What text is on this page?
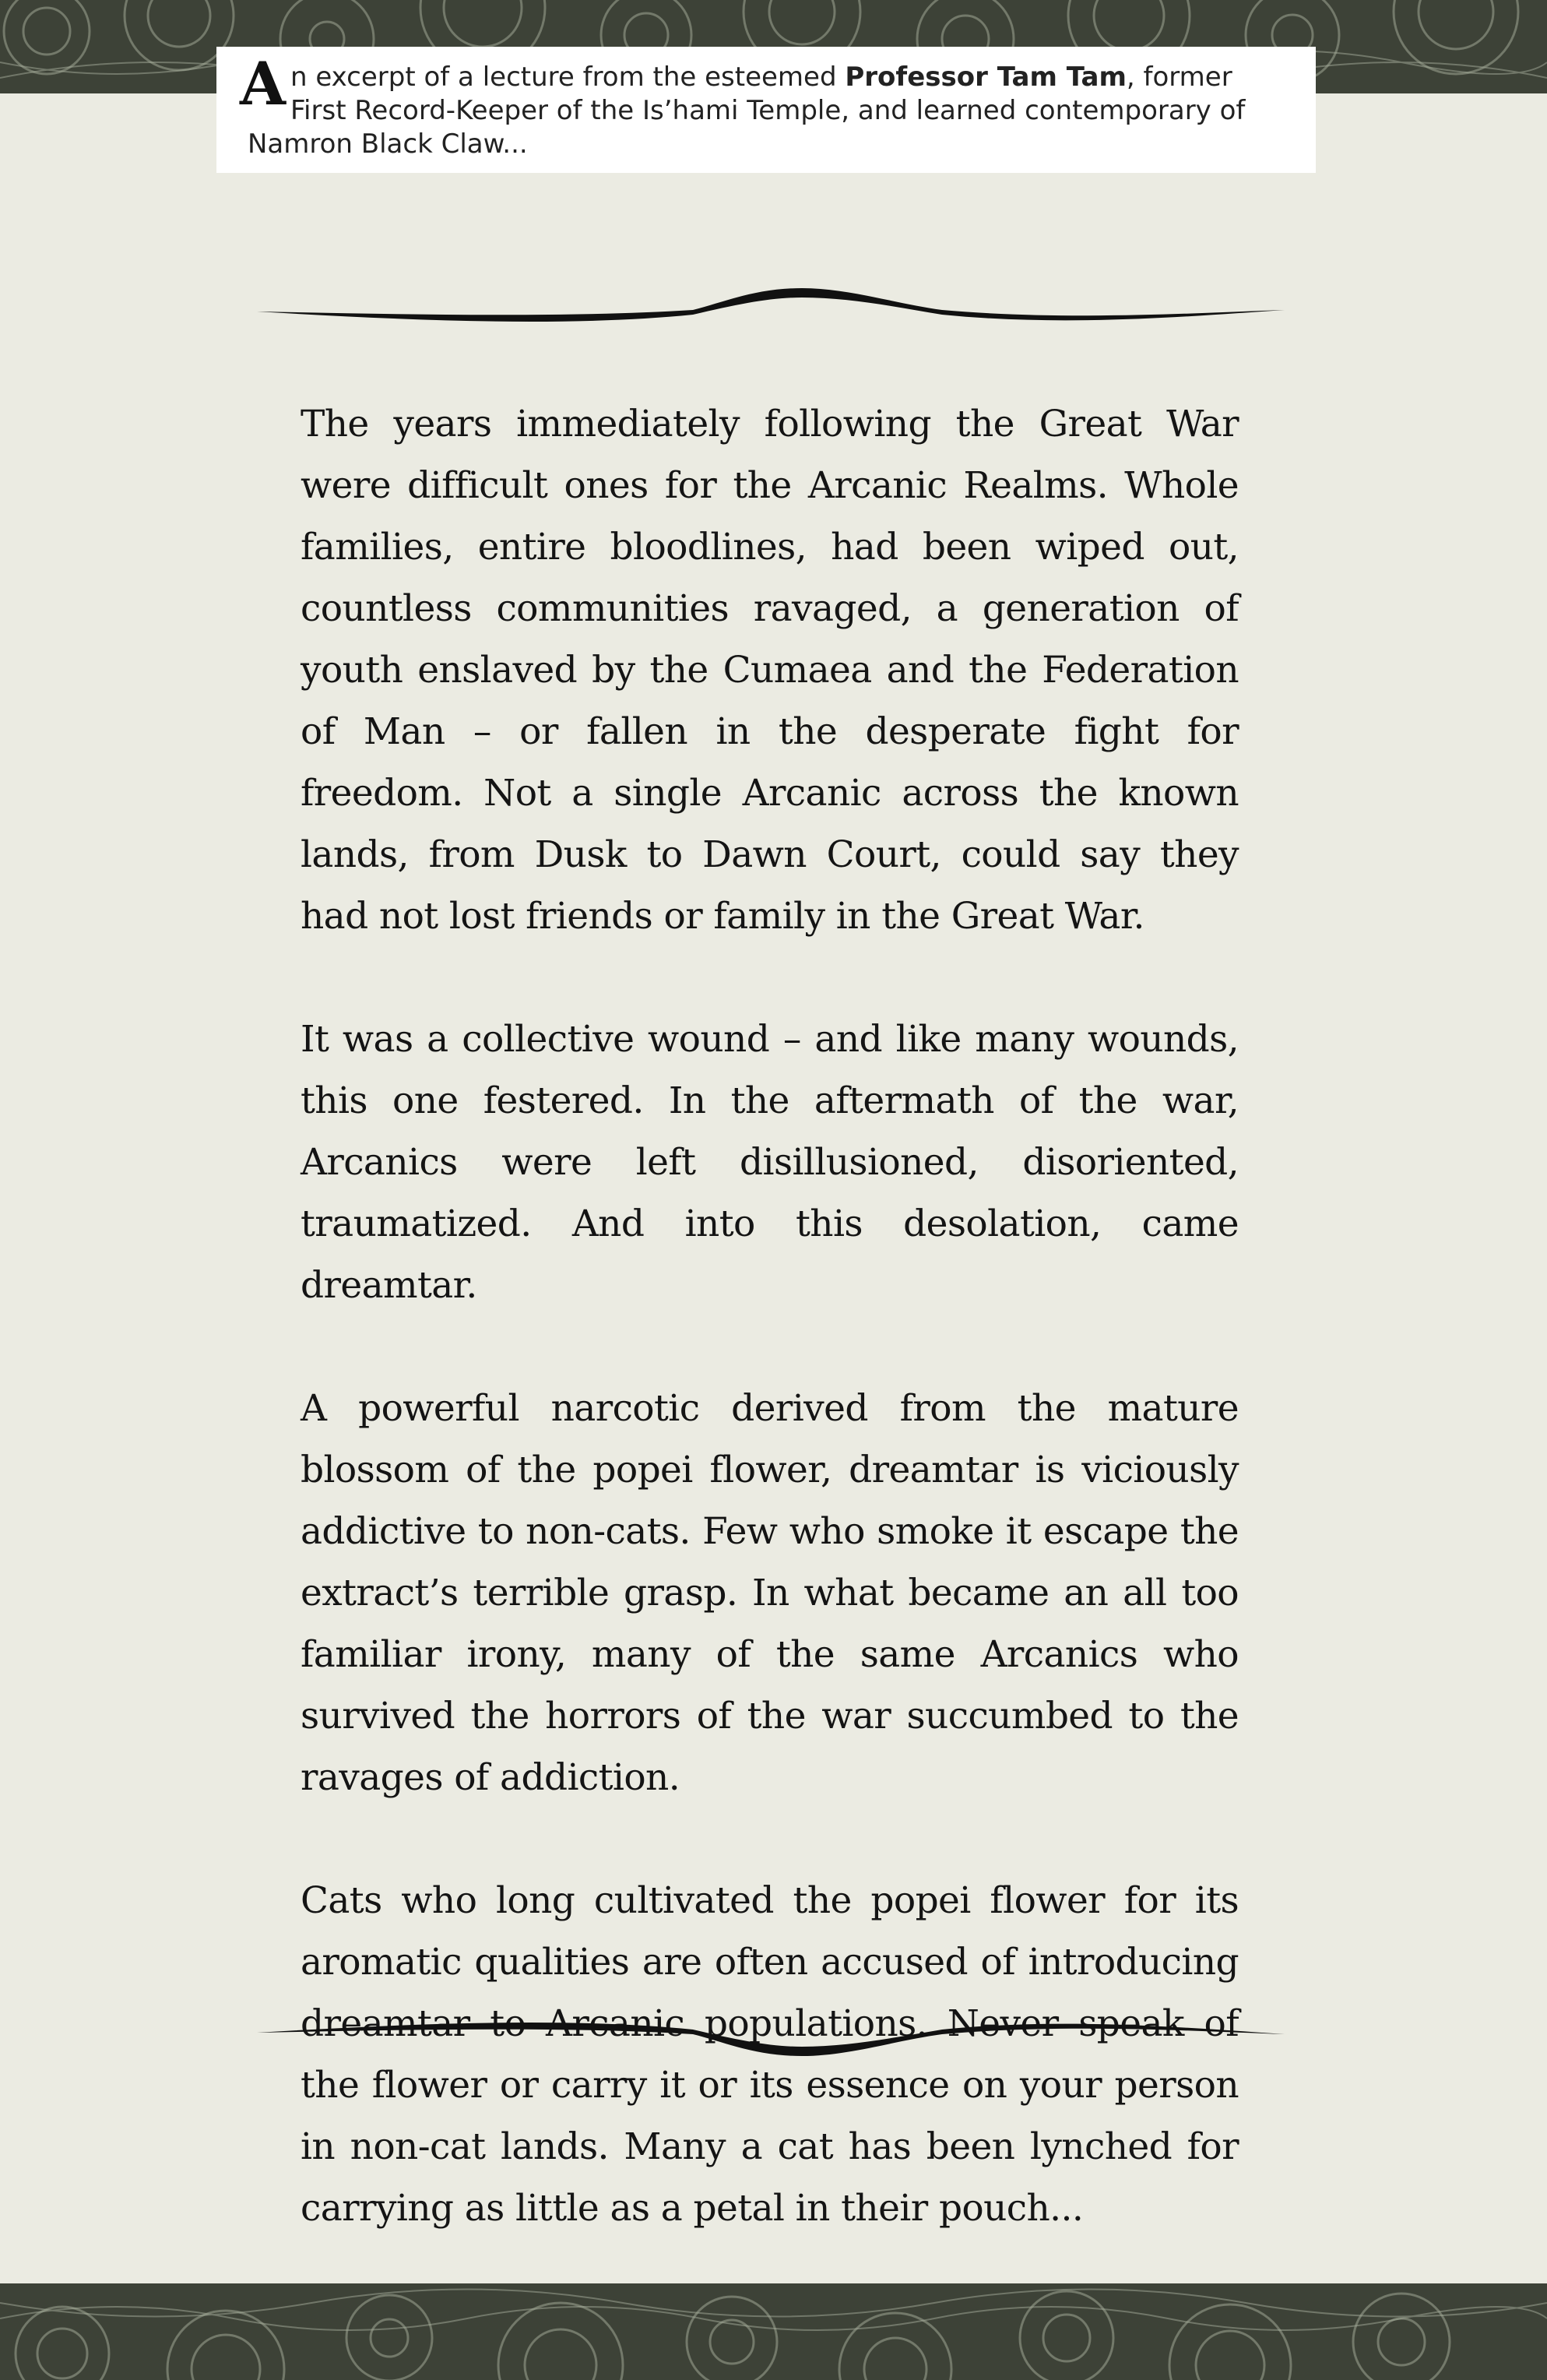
An excerpt of a lecture from the esteemed Professor Tam Tam, former First Record-Keeper of the Is’hami Temple, and learned contemporary of Namron Black Claw...

The years immediately following the Great War were difficult ones for the Arcanic Realms. Whole families, entire bloodlines, had been wiped out, countless communities ravaged, a generation of youth enslaved by the Cumaea and the Federation of Man – or fallen in the desperate fight for freedom. Not a single Arcanic across the known lands, from Dusk to Dawn Court, could say they had not lost friends or family in the Great War.

It was a collective wound – and like many wounds, this one festered. In the aftermath of the war, Arcanics were left disillusioned, disoriented, traumatized. And into this desolation, came dreamtar.

A powerful narcotic derived from the mature blossom of the popei flower, dreamtar is viciously addictive to non-cats. Few who smoke it escape the extract’s terrible grasp. In what became an all too familiar irony, many of the same Arcanics who survived the horrors of the war succumbed to the ravages of addiction.

Cats who long cultivated the popei flower for its aromatic qualities are often accused of introducing dreamtar to Arcanic populations. Never speak of the flower or carry it or its essence on your person in non-cat lands. Many a cat has been lynched for carrying as little as a petal in their pouch...
